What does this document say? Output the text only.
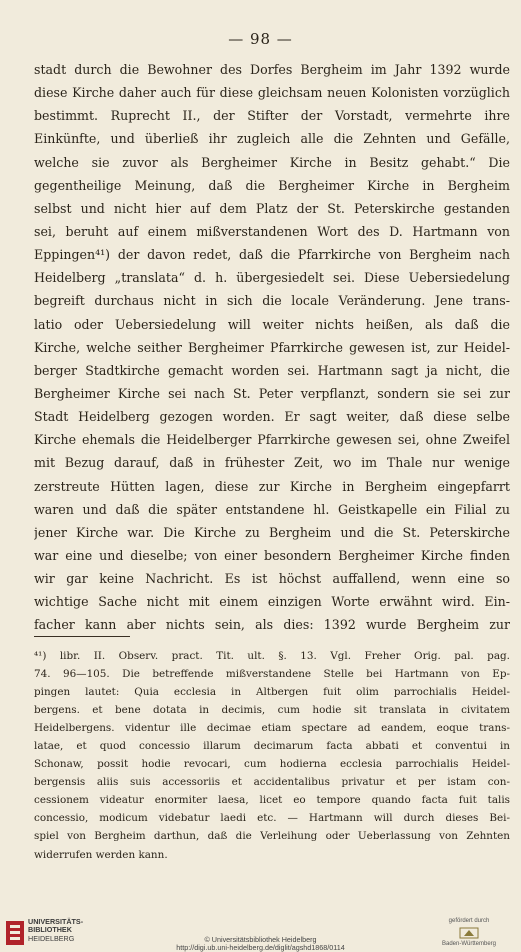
— 98 —
stadt durch die Bewohner des Dorfes Bergheim im Jahr 1392 wurde
diese Kirche daher auch für diese gleichsam neuen Kolonisten vorzüglich
bestimmt. Ruprecht II., der Stifter der Vorstadt, vermehrte ihre
Einkünfte, und überließ ihr zugleich alle die Zehnten und Gefälle,
welche sie zuvor als Bergheimer Kirche in Besitz gehabt.“ Die
gegentheilige Meinung, daß die Bergheimer Kirche in Bergheim
selbst und nicht hier auf dem Platz der St. Peterskirche gestanden
sei, beruht auf einem mißverstandenen Wort des D. Hartmann von
Eppingen⁴¹) der davon redet, daß die Pfarrkirche von Bergheim nach
Heidelberg „translata“ d. h. übergesiedelt sei. Diese Uebersiedelung
begreift durchaus nicht in sich die locale Veränderung. Jene trans-
latio oder Uebersiedelung will weiter nichts heißen, als daß die
Kirche, welche seither Bergheimer Pfarrkirche gewesen ist, zur Heidel-
berger Stadtkirche gemacht worden sei. Hartmann sagt ja nicht, die
Bergheimer Kirche sei nach St. Peter verpflanzt, sondern sie sei zur
Stadt Heidelberg gezogen worden. Er sagt weiter, daß diese selbe
Kirche ehemals die Heidelberger Pfarrkirche gewesen sei, ohne Zweifel
mit Bezug darauf, daß in frühester Zeit, wo im Thale nur wenige
zerstreute Hütten lagen, diese zur Kirche in Bergheim eingepfarrt
waren und daß die später entstandene hl. Geistkapelle ein Filial zu
jener Kirche war. Die Kirche zu Bergheim und die St. Peterskirche
war eine und dieselbe; von einer besondern Bergheimer Kirche finden
wir gar keine Nachricht. Es ist höchst auffallend, wenn eine so
wichtige Sache nicht mit einem einzigen Worte erwähnt wird. Ein-
facher kann aber nichts sein, als dies: 1392 wurde Bergheim zur
⁴¹) libr. II. Observ. pract. Tit. ult. §. 13. Vgl. Freher Orig. pal. pag.
74. 96—105. Die betreffende mißverstandene Stelle bei Hartmann von Ep-
pingen lautet: Quia ecclesia in Altbergen fuit olim parrochialis Heidel-
bergens. et bene dotata in decimis, cum hodie sit translata in civitatem
Heidelbergens. videntur ille decimae etiam spectare ad eandem, eoque trans-
latae, et quod concessio illarum decimarum facta abbati et conventui in
Schonaw, possit hodie revocari, cum hodierna ecclesia parrochialis Heidel-
bergensis aliis suis accessoriis et accidentalibus privatur et per istam con-
cessionem videatur enormiter laesa, licet eo tempore quando facta fuit talis
concessio, modicum videbatur laedi etc. — Hartmann will durch dieses Bei-
spiel von Bergheim darthun, daß die Verleihung oder Ueberlassung von Zehnten
widerrufen werden kann.
UNIVERSITÄTS-
BIBLIOTHEK
HEIDELBERG	© Universitätsbibliothek Heidelberg
http://digi.ub.uni-heidelberg.de/diglit/agshd1868/0114
gefördert durch
Baden-Württemberg
